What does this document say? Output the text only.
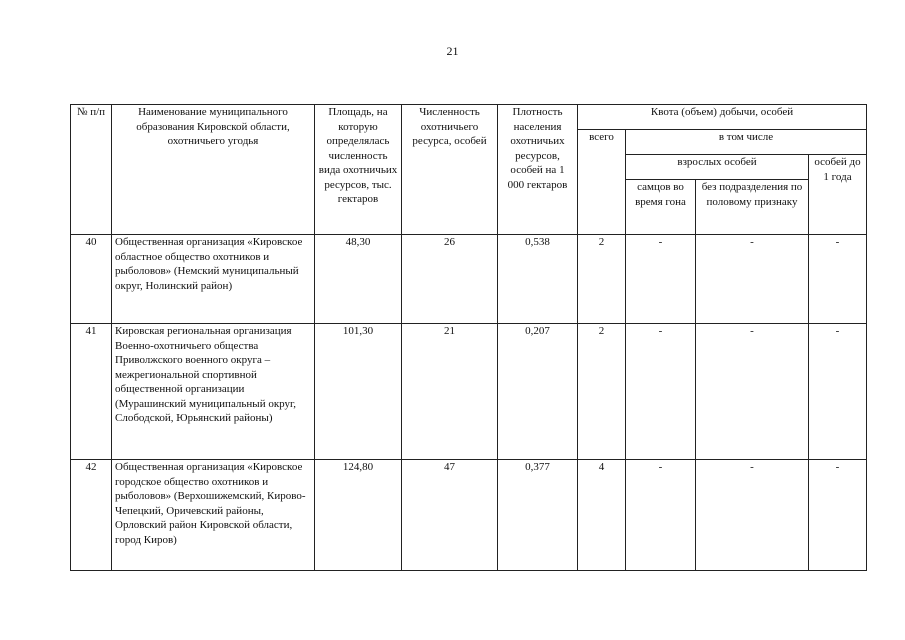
21
№ п/п	Наименование муниципального образования Кировской области, охотничьего угодья	Площадь, на которую определялась численность вида охотничьих ресурсов, тыс. гектаров	Численность охотничьего ресурса, особей	Плотность населения охотничьих ресурсов, особей на 1 000 гектаров	Квота (объем) добычи, особей			
					всего	в том числе		
						взрослых особей		особей до 1 года
						самцов во время гона	без подразделения по половому признаку	
40	Общественная организация «Кировское областное общество охотников и рыболовов» (Немский муниципальный округ, Нолинский район)	48,30	26	0,538	2	-	-	-
41	Кировская региональная организация Военно-охотничьего общества Приволжского военного округа – межрегиональной спортивной общественной организации (Мурашинский муниципальный округ, Слободской, Юрьянский районы)	101,30	21	0,207	2	-	-	-
42	Общественная организация «Кировское городское общество охотников и рыболовов» (Верхошижемский, Кирово-Чепецкий, Оричевский районы, Орловский район Кировской области, город Киров)	124,80	47	0,377	4	-	-	-
